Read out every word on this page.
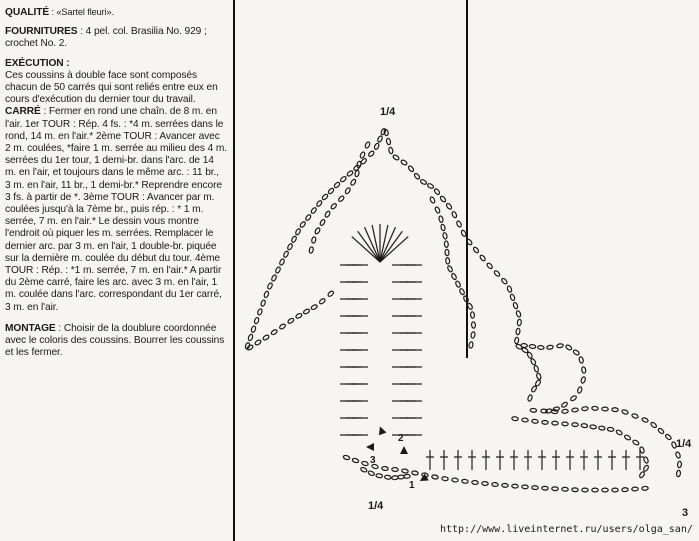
QUALITÉ : «Sartel fleuri».

FOURNITURES : 4 pel. col. Brasilia No. 929 ; crochet No. 2.

EXÉCUTION :
Ces coussins à double face sont composés chacun de 50 carrés qui sont reliés entre eux en cours d'exécution du dernier tour du travail.
CARRÉ : Fermer en rond une chaîn. de 8 m. en l'air. 1er TOUR : Rép. 4 fs. : *4 m. serrées dans le rond, 14 m. en l'air.* 2ème TOUR : Avancer avec 2 m. coulées, *faire 1 m. serrée au milieu des 4 m. serrées du 1er tour, 1 demi-br. dans l'arc. de 14 m. en l'air, et toujours dans le même arc. : 11 br., 3 m. en l'air, 11 br., 1 demi-br.* Reprendre encore 3 fs. à partir de *. 3ème TOUR : Avancer par m. coulées jusqu'à la 7ème br., puis rép. : * 1 m. serrée, 7 m. en l'air.* Le dessin vous montre l'endroit où piquer les m. serrées. Remplacer le dernier arc. par 3 m. en l'air, 1 double-br. piquée sur la dernière m. coulée du début du tour. 4ème TOUR : Rép. : *1 m. serrée, 7 m. en l'air.* A partir du 2ème carré, faire les arc. avec 3 m. en l'air, 1 m. coulée dans l'arc. correspondant du 1er carré, 3 m. en l'air.

MONTAGE : Choisir de la doublure coordonnée avec le coloris des coussins. Bourrer les coussins et les fermer.

1/4
1/4
1/4
1
2
3
3
http://www.liveinternet.ru/users/olga_san/
